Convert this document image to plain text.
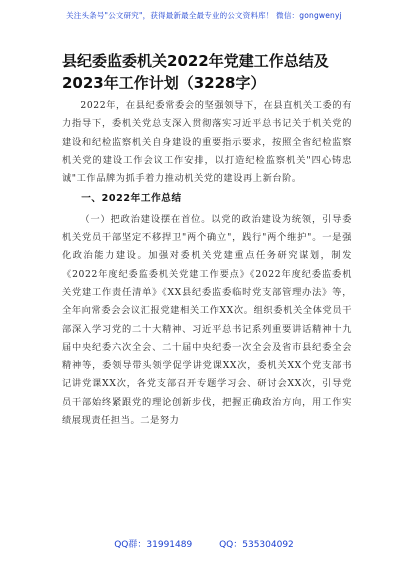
关注头条号"公文研究"，获得最新最全最专业的公文资料库！ 微信：gongwenyj
县纪委监委机关2022年党建工作总结及2023年工作计划（3228字）

2022年，在县纪委常委会的坚强领导下，在县直机关工委的有力指导下，委机关党总支深入贯彻落实习近平总书记关于机关党的建设和纪检监察机关自身建设的重要指示要求，按照全省纪检监察机关党的建设工作会议工作安排，以打造纪检监察机关"四心铸忠诚"工作品牌为抓手着力推动机关党的建设再上新台阶。

一、2022年工作总结

（一）把政治建设摆在首位。以党的政治建设为统领，引导委机关党员干部坚定不移捍卫"两个确立"，践行"两个维护"。一是强化政治能力建设。加强对委机关党建重点任务研究谋划，制发《2022年度纪委监委机关党建工作要点》《2022年度纪委监委机关党建工作责任清单》《XX县纪委监委临时党支部管理办法》等，全年向常委会会议汇报党建相关工作XX次。组织委机关全体党员干部深入学习党的二十大精神、习近平总书记系列重要讲话精神十九届中央纪委六次全会、二十届中央纪委一次全会及省市县纪委全会精神等，委领导带头领学促学讲党课XX次，委机关XX个党支部书记讲党课XX次，各党支部召开专题学习会、研讨会XX次，引导党员干部始终紧跟党的理论创新步伐，把握正确政治方向，用工作实绩展现责任担当。二是努力

QQ群：31991489	QQ：535304092
